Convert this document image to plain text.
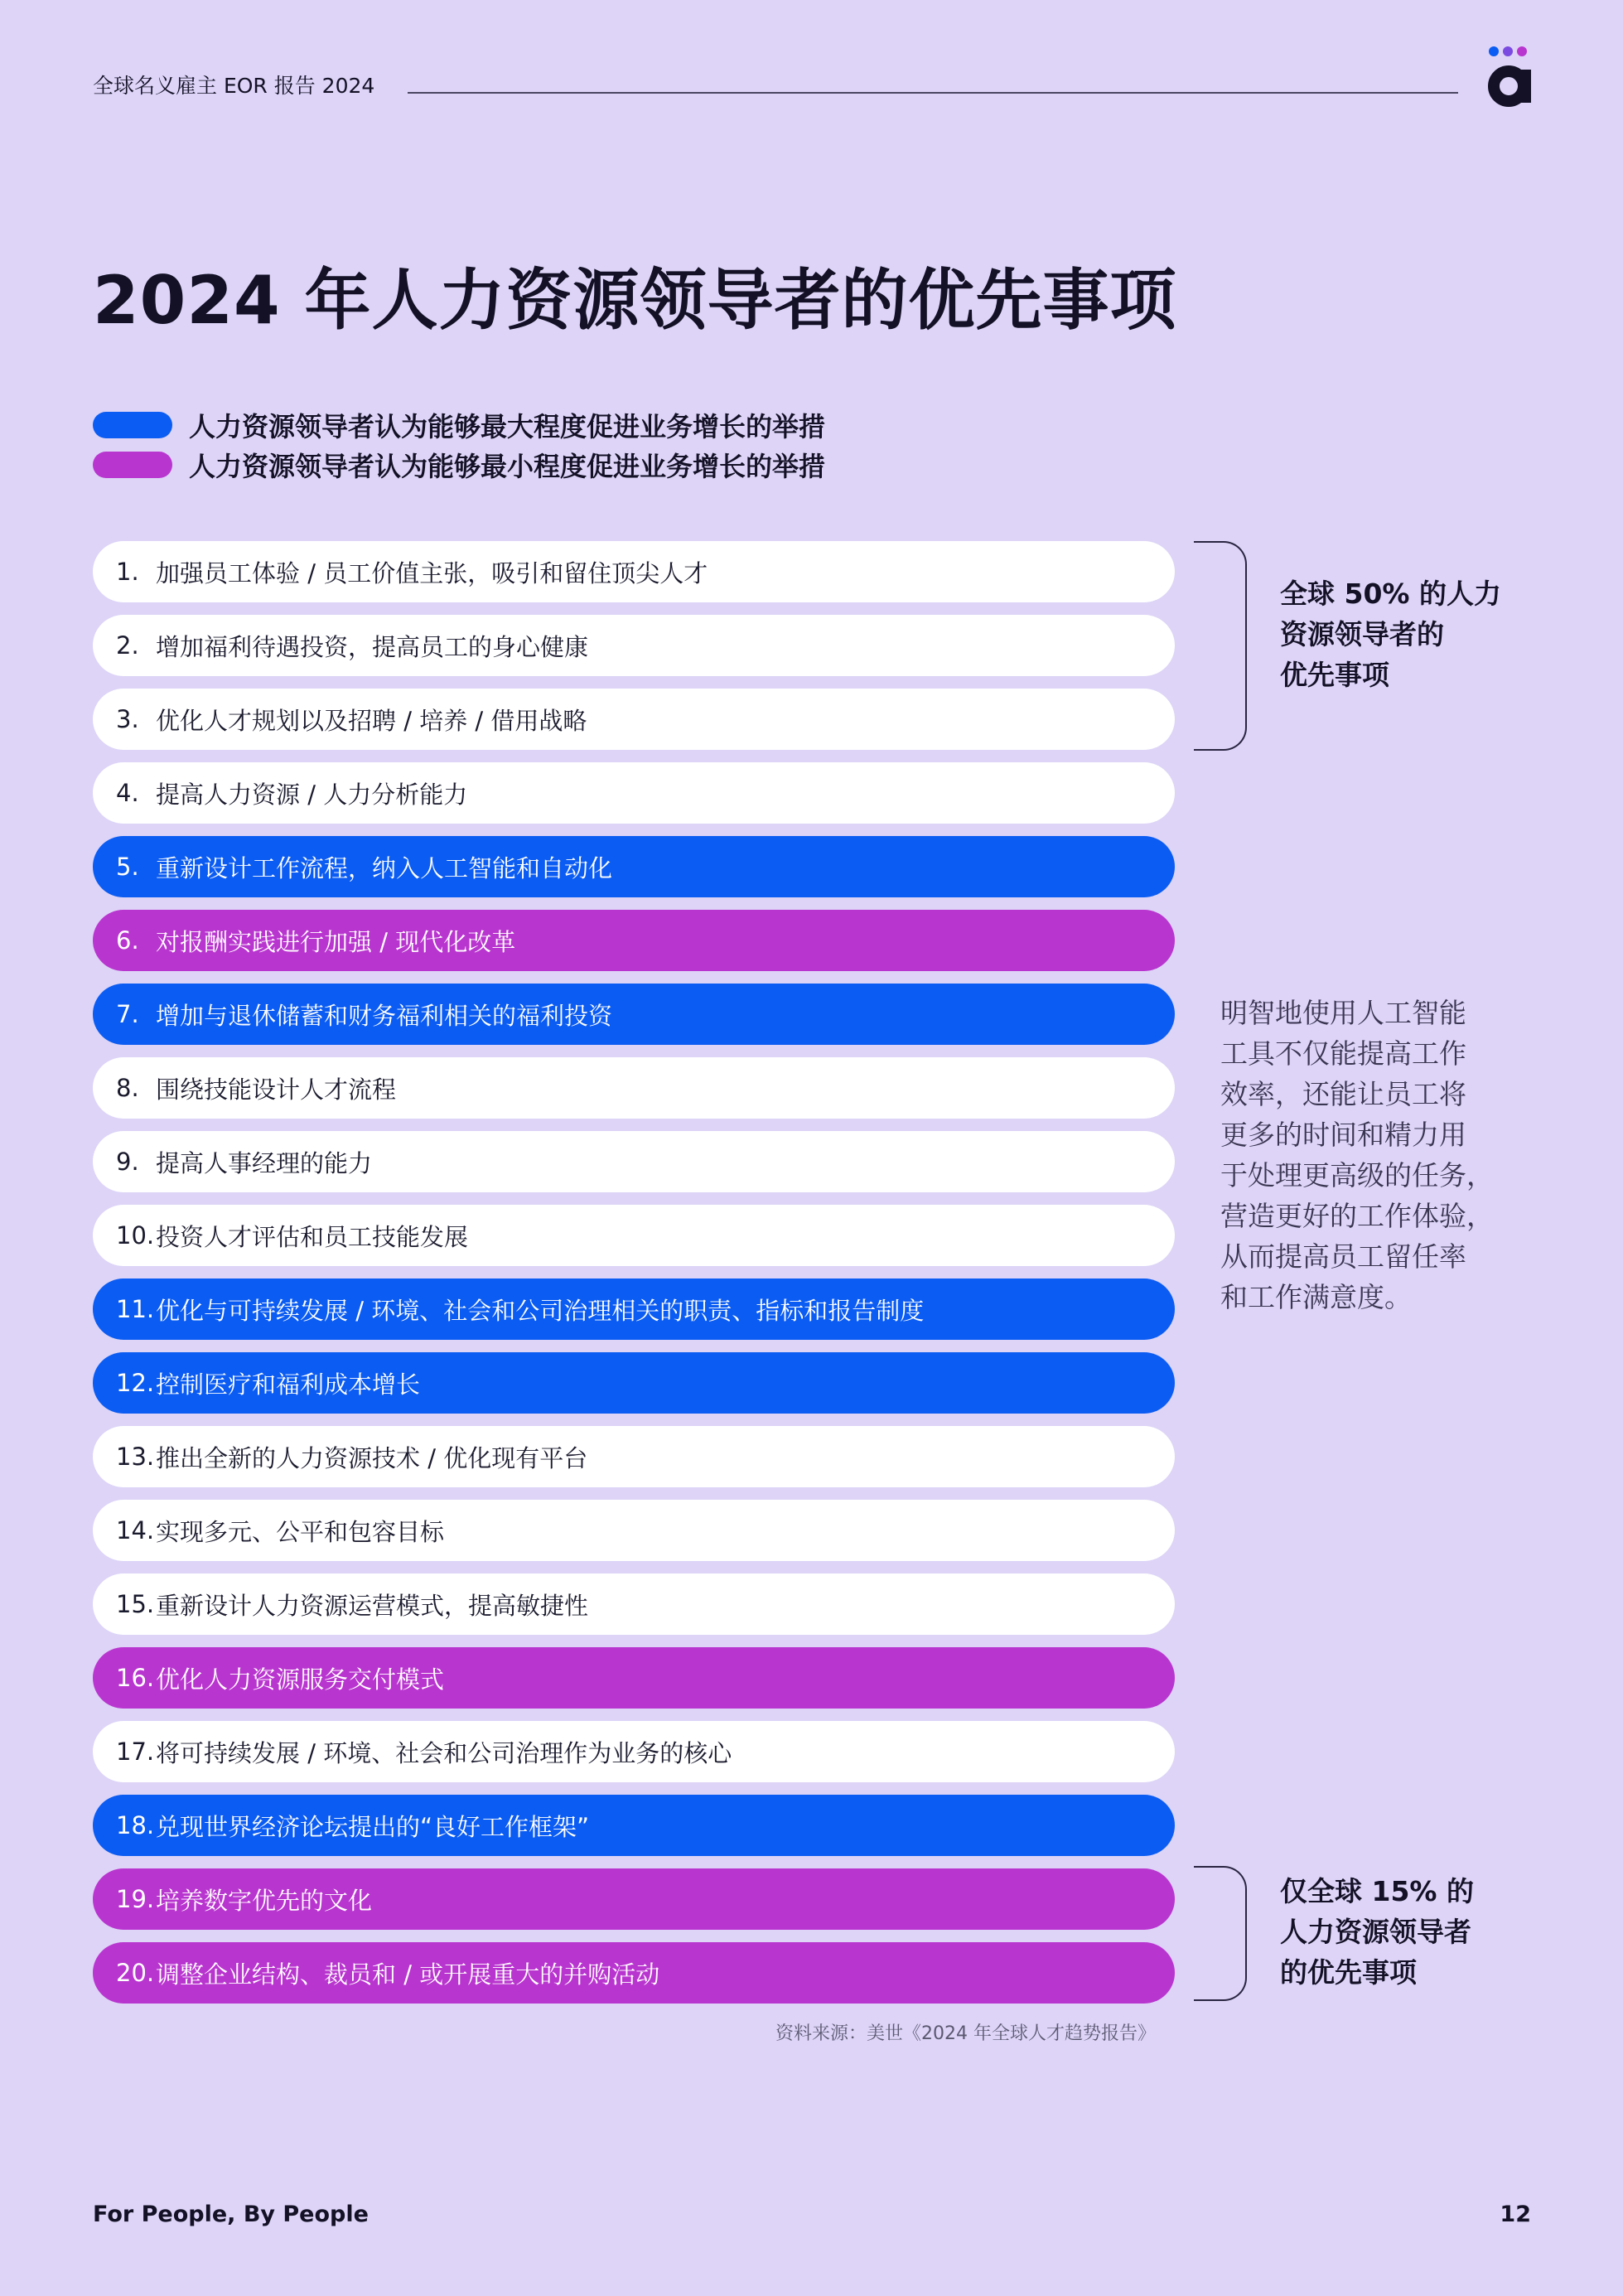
全球名义雇主 EOR 报告 2024
2024 年人力资源领导者的优先事项
人力资源领导者认为能够最大程度促进业务增长的举措
人力资源领导者认为能够最小程度促进业务增长的举措
1. 加强员工体验 / 员工价值主张，吸引和留住顶尖人才
2. 增加福利待遇投资，提高员工的身心健康
3. 优化人才规划以及招聘 / 培养 / 借用战略
4. 提高人力资源 / 人力分析能力
5. 重新设计工作流程，纳入人工智能和自动化
6. 对报酬实践进行加强 / 现代化改革
7. 增加与退休储蓄和财务福利相关的福利投资
8. 围绕技能设计人才流程
9. 提高人事经理的能力
10. 投资人才评估和员工技能发展
11. 优化与可持续发展 / 环境、社会和公司治理相关的职责、指标和报告制度
12. 控制医疗和福利成本增长
13. 推出全新的人力资源技术 / 优化现有平台
14. 实现多元、公平和包容目标
15. 重新设计人力资源运营模式，提高敏捷性
16. 优化人力资源服务交付模式
17. 将可持续发展 / 环境、社会和公司治理作为业务的核心
18. 兑现世界经济论坛提出的“良好工作框架”
19. 培养数字优先的文化
20. 调整企业结构、裁员和 / 或开展重大的并购活动
全球 50% 的人力
资源领导者的
优先事项
仅全球 15% 的
人力资源领导者
的优先事项
明智地使用人工智能
工具不仅能提高工作
效率，还能让员工将
更多的时间和精力用
于处理更高级的任务，
营造更好的工作体验，
从而提高员工留任率
和工作满意度。
资料来源：美世《2024 年全球人才趋势报告》
For People, By People	12
